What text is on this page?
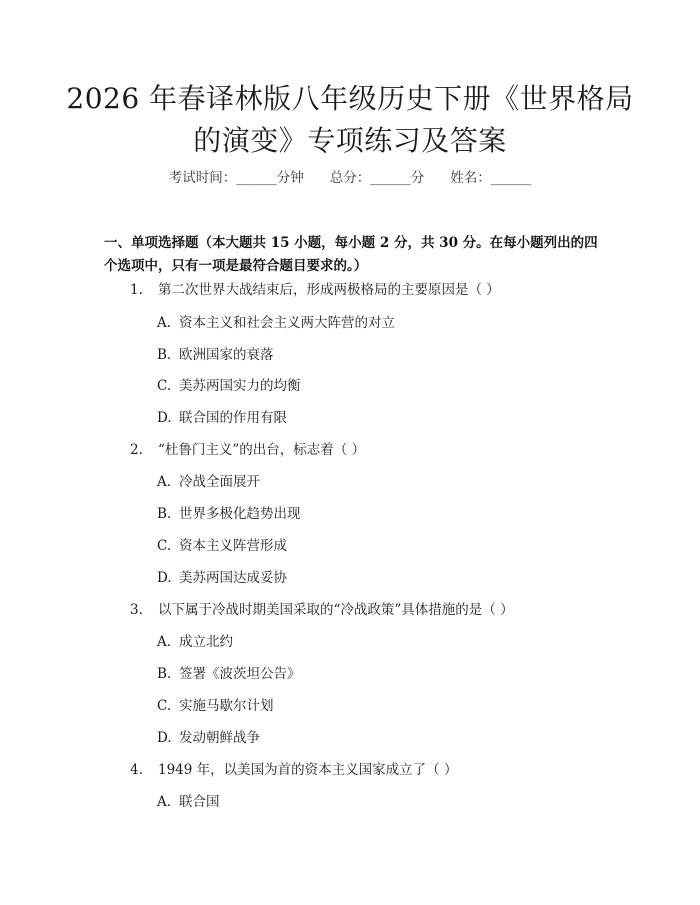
2026 年春译林版八年级历史下册《世界格局
的演变》专项练习及答案
考试时间：______分钟 总分：______分 姓名：______
一、单项选择题（本大题共 15 小题，每小题 2 分，共 30 分。在每小题列出的四个选项中，只有一项是最符合题目要求的。）
1. 第二次世界大战结束后，形成两极格局的主要原因是（ ）
A. 资本主义和社会主义两大阵营的对立
B. 欧洲国家的衰落
C. 美苏两国实力的均衡
D. 联合国的作用有限
2. “杜鲁门主义”的出台，标志着（ ）
A. 冷战全面展开
B. 世界多极化趋势出现
C. 资本主义阵营形成
D. 美苏两国达成妥协
3. 以下属于冷战时期美国采取的“冷战政策”具体措施的是（ ）
A. 成立北约
B. 签署《波茨坦公告》
C. 实施马歇尔计划
D. 发动朝鲜战争
4. 1949 年，以美国为首的资本主义国家成立了（ ）
A. 联合国
